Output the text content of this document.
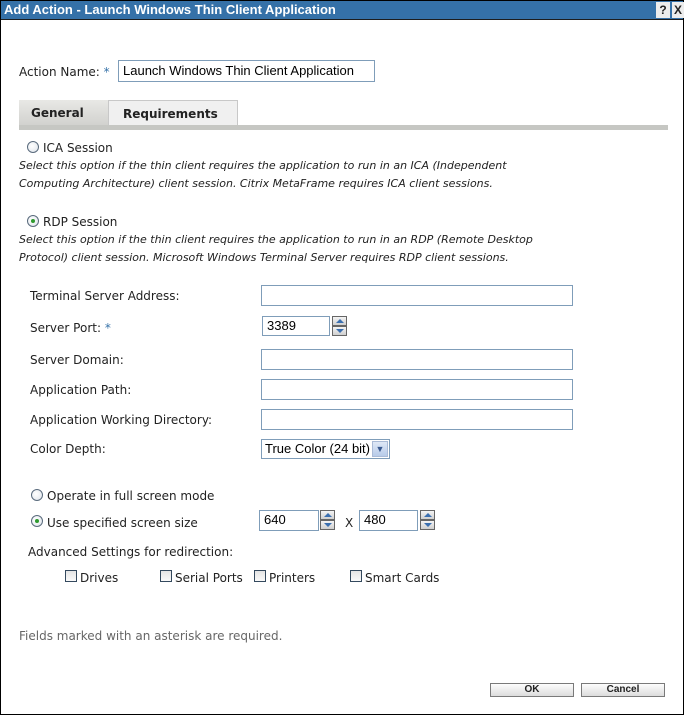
Add Action - Launch Windows Thin Client Application	? X
Action Name: *	Launch Windows Thin Client Application
General	Requirements
ICA Session
Select this option if the thin client requires the application to run in an ICA (Independent
Computing Architecture) client session. Citrix MetaFrame requires ICA client sessions.
RDP Session
Select this option if the thin client requires the application to run in an RDP (Remote Desktop
Protocol) client session. Microsoft Windows Terminal Server requires RDP client sessions.
Terminal Server Address:
Server Port: *	3389
Server Domain:
Application Path:
Application Working Directory:
Color Depth:	True Color (24 bit) ▼
Operate in full screen mode
Use specified screen size	640	X 480
Advanced Settings for redirection:
Drives	Serial Ports Printers	Smart Cards
Fields marked with an asterisk are required.
OK	Cancel
